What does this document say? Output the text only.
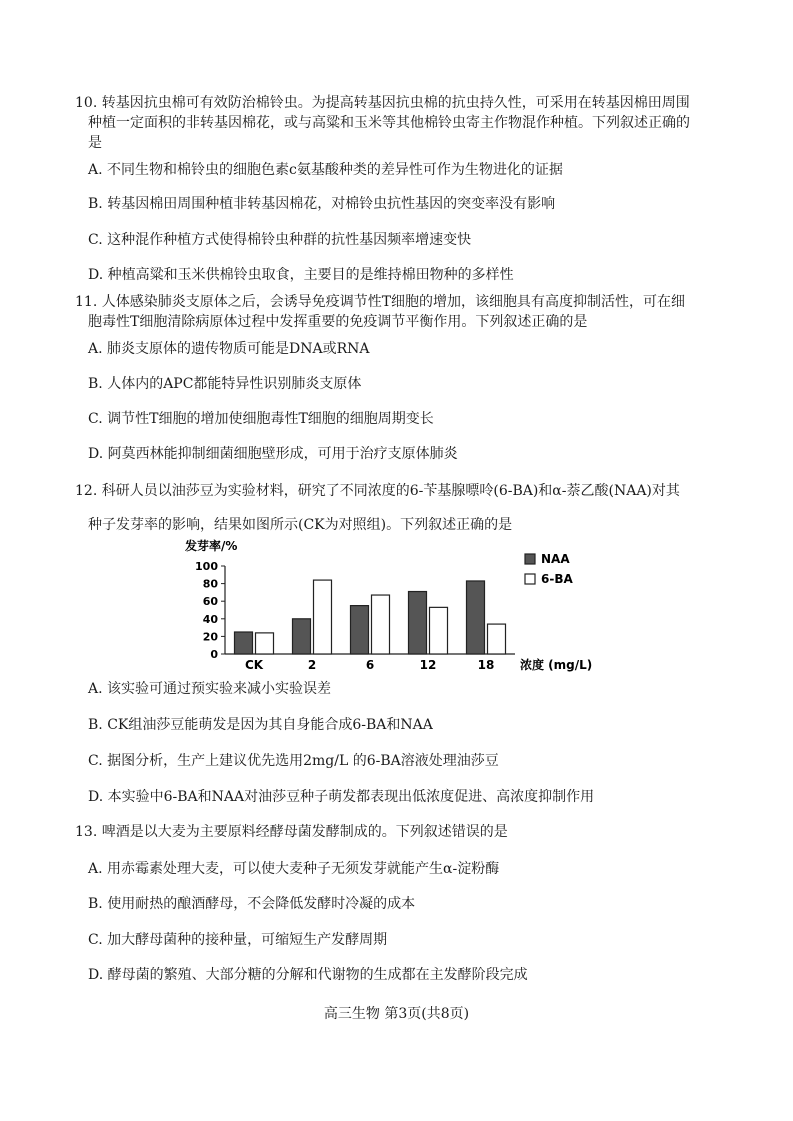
10. 转基因抗虫棉可有效防治棉铃虫。为提高转基因抗虫棉的抗虫持久性，可采用在转基因棉田周围
种植一定面积的非转基因棉花，或与高粱和玉米等其他棉铃虫寄主作物混作种植。下列叙述正确的
是
A. 不同生物和棉铃虫的细胞色素c氨基酸种类的差异性可作为生物进化的证据
B. 转基因棉田周围种植非转基因棉花，对棉铃虫抗性基因的突变率没有影响
C. 这种混作种植方式使得棉铃虫种群的抗性基因频率增速变快
D. 种植高粱和玉米供棉铃虫取食，主要目的是维持棉田物种的多样性
11. 人体感染肺炎支原体之后，会诱导免疫调节性T细胞的增加，该细胞具有高度抑制活性，可在细
胞毒性T细胞清除病原体过程中发挥重要的免疫调节平衡作用。下列叙述正确的是
A. 肺炎支原体的遗传物质可能是DNA或RNA
B. 人体内的APC都能特异性识别肺炎支原体
C. 调节性T细胞的增加使细胞毒性T细胞的细胞周期变长
D. 阿莫西林能抑制细菌细胞壁形成，可用于治疗支原体肺炎
12. 科研人员以油莎豆为实验材料，研究了不同浓度的6-苄基腺嘌呤(6-BA)和α-萘乙酸(NAA)对其
种子发芽率的影响，结果如图所示(CK为对照组)。下列叙述正确的是
发芽率/%
0
20
40
60
80
100
CK	2	6	12	18 浓度 (mg/L)
NAA
6-BA
A. 该实验可通过预实验来减小实验误差
B. CK组油莎豆能萌发是因为其自身能合成6-BA和NAA
C. 据图分析，生产上建议优先选用2mg/L 的6-BA溶液处理油莎豆
D. 本实验中6-BA和NAA对油莎豆种子萌发都表现出低浓度促进、高浓度抑制作用
13. 啤酒是以大麦为主要原料经酵母菌发酵制成的。下列叙述错误的是
A. 用赤霉素处理大麦，可以使大麦种子无须发芽就能产生α-淀粉酶
B. 使用耐热的酿酒酵母，不会降低发酵时冷凝的成本
C. 加大酵母菌种的接种量，可缩短生产发酵周期
D. 酵母菌的繁殖、大部分糖的分解和代谢物的生成都在主发酵阶段完成
高三生物 第3页(共8页)
